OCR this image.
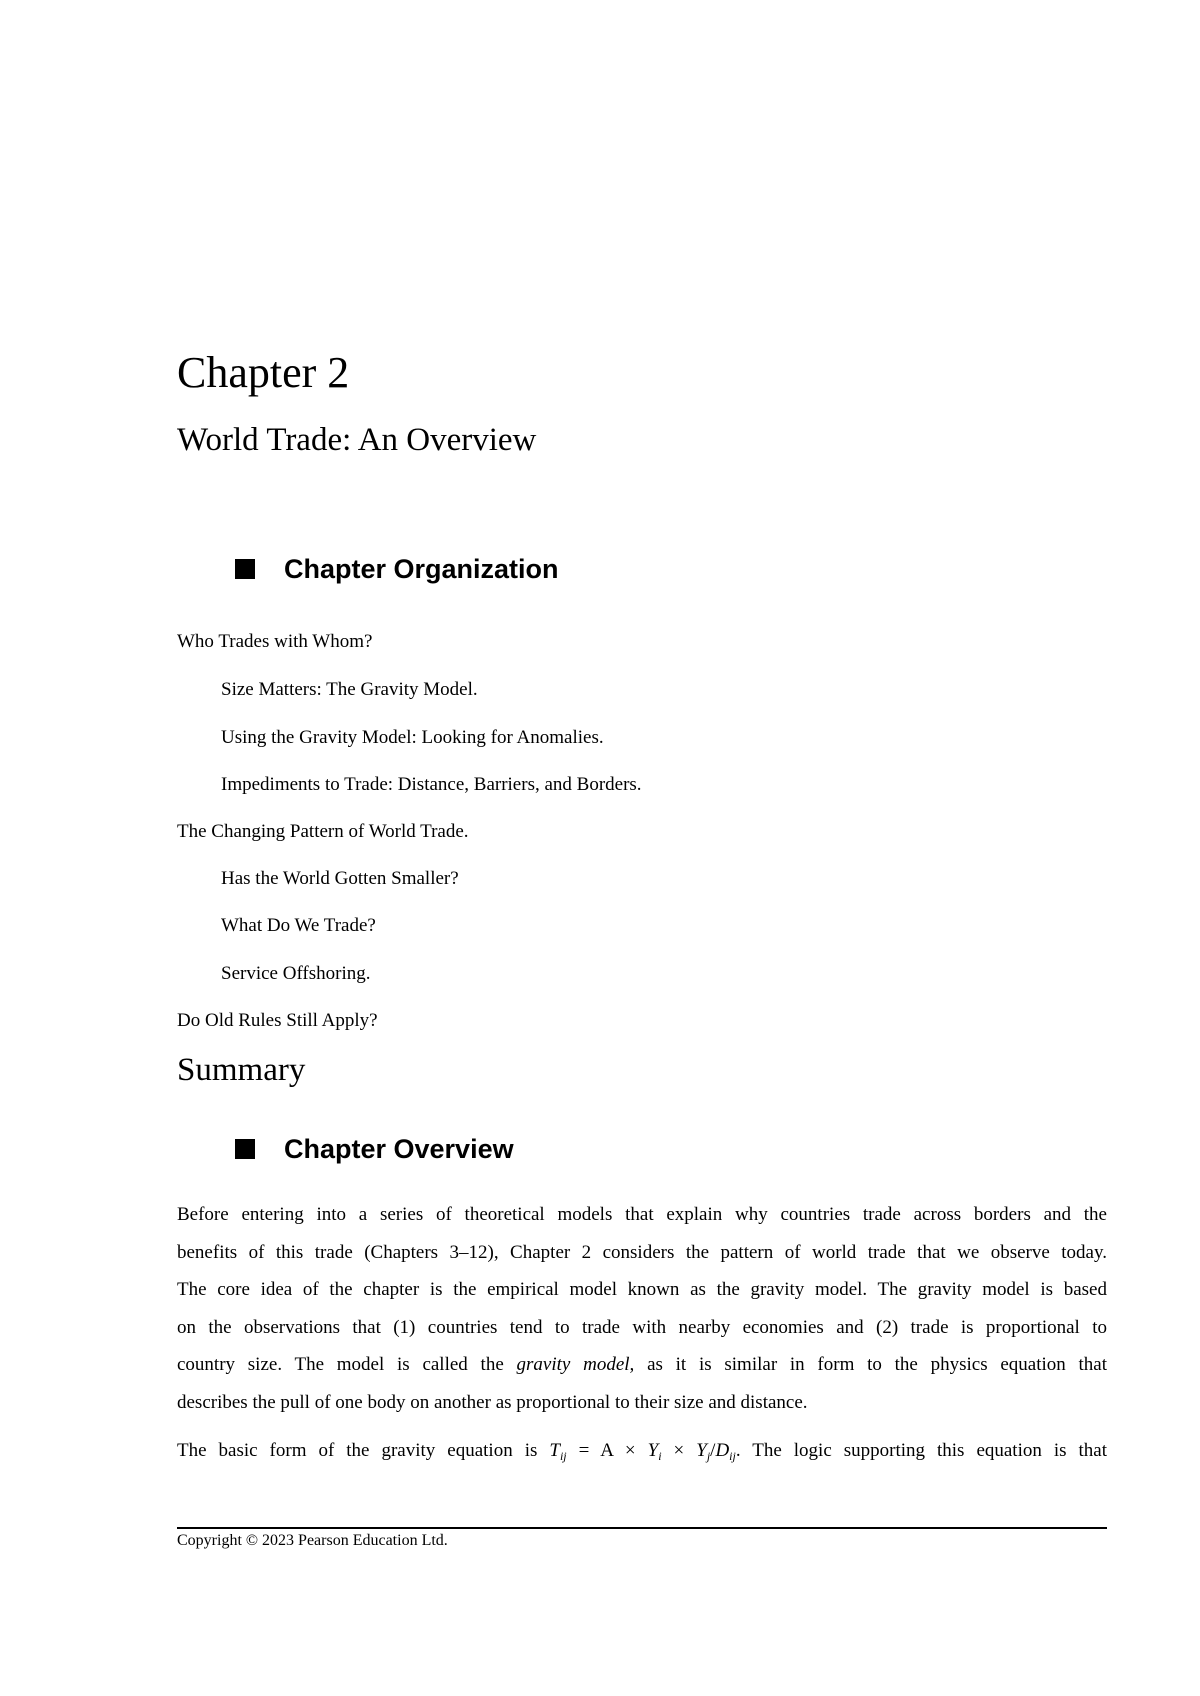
Chapter 2
World Trade: An Overview
Chapter Organization
Who Trades with Whom?
Size Matters: The Gravity Model.
Using the Gravity Model: Looking for Anomalies.
Impediments to Trade: Distance, Barriers, and Borders.
The Changing Pattern of World Trade.
Has the World Gotten Smaller?
What Do We Trade?
Service Offshoring.
Do Old Rules Still Apply?
Summary
Chapter Overview
Before entering into a series of theoretical models that explain why countries trade across borders and the
benefits of this trade (Chapters 3–12), Chapter 2 considers the pattern of world trade that we observe today.
The core idea of the chapter is the empirical model known as the gravity model. The gravity model is based
on the observations that (1) countries tend to trade with nearby economies and (2) trade is proportional to
country size. The model is called the gravity model, as it is similar in form to the physics equation that
describes the pull of one body on another as proportional to their size and distance.
The basic form of the gravity equation is $T_{ij} = A \times Y_i \times Y_j/D_{ij}$. The logic supporting this equation is that
Copyright © 2023 Pearson Education Ltd.
